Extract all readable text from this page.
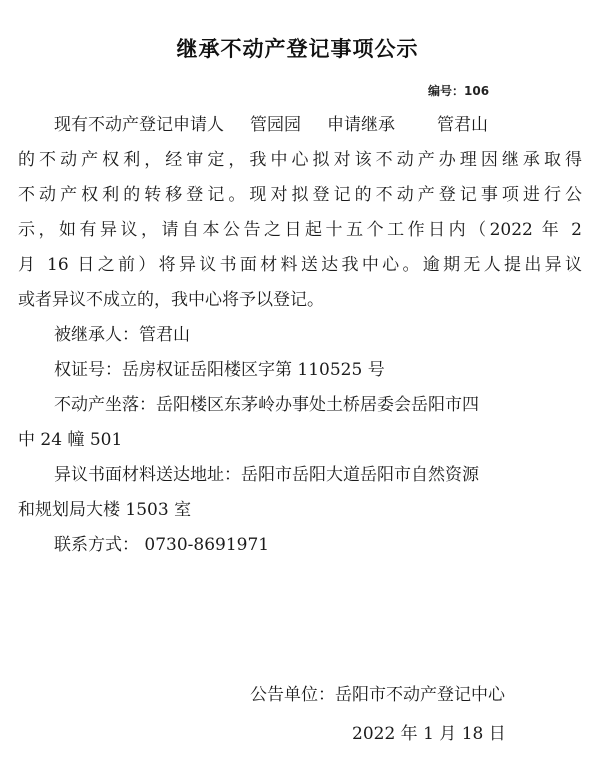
继承不动产登记事项公示
编号：106
现有不动产登记申请人 管园园 申请继承 管君山
的不动产权利，经审定，我中心拟对该不动产办理因继承取得
不动产权利的转移登记。现对拟登记的不动产登记事项进行公
示，如有异议，请自本公告之日起十五个工作日内（2022 年 2
月 16 日之前）将异议书面材料送达我中心。逾期无人提出异议
或者异议不成立的，我中心将予以登记。
被继承人：管君山
权证号：岳房权证岳阳楼区字第 110525 号
不动产坐落：岳阳楼区东茅岭办事处土桥居委会岳阳市四
中 24 幢 501
异议书面材料送达地址：岳阳市岳阳大道岳阳市自然资源
和规划局大楼 1503 室
联系方式： 0730-8691971
公告单位：岳阳市不动产登记中心
2022 年 1 月 18 日
